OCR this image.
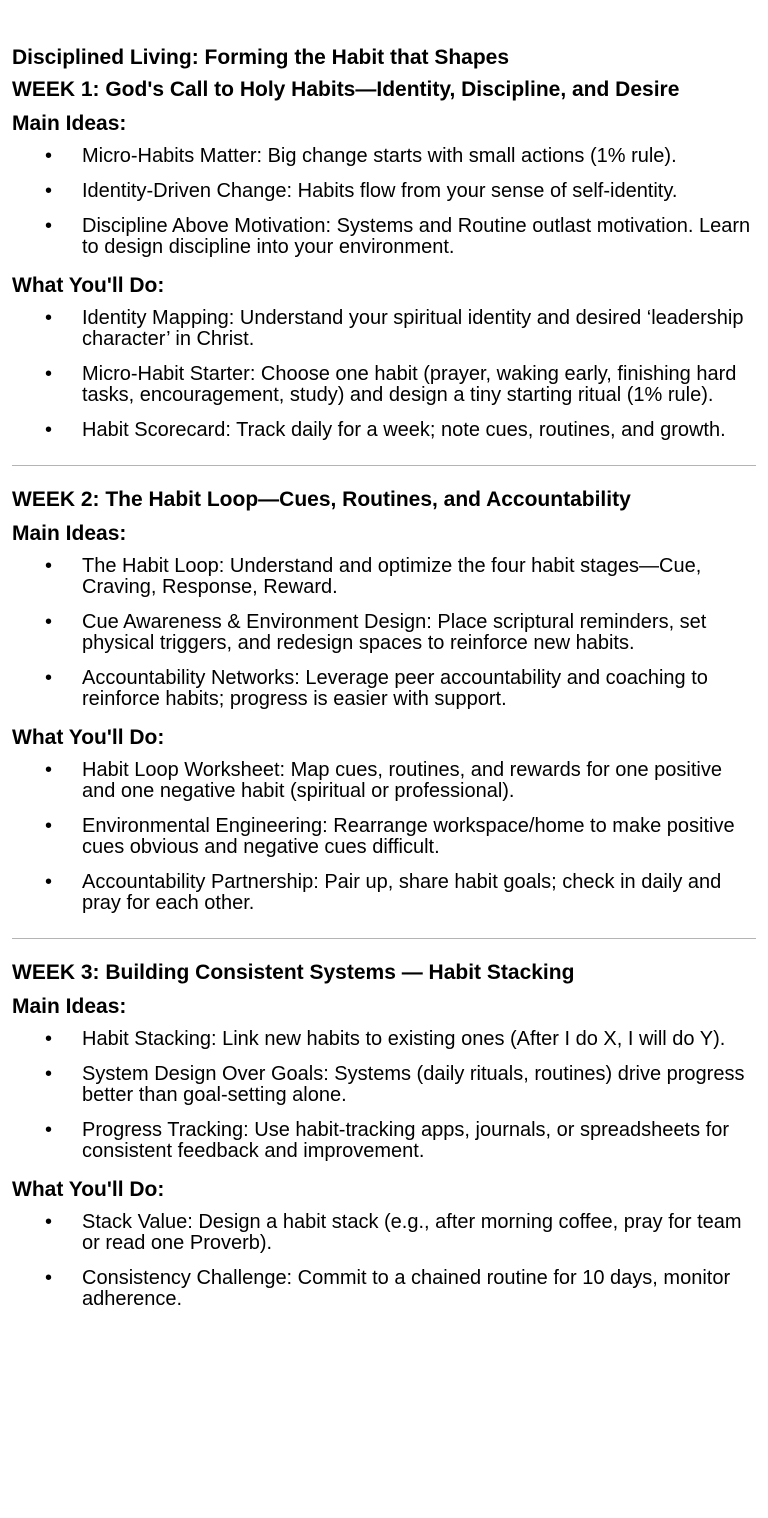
Disciplined Living: Forming the Habit that Shapes
WEEK 1: God's Call to Holy Habits—Identity, Discipline, and Desire
Main Ideas:
• Micro-Habits Matter: Big change starts with small actions (1% rule).
• Identity-Driven Change: Habits flow from your sense of self-identity.
• Discipline Above Motivation: Systems and Routine outlast motivation. Learn to design discipline into your environment.
What You'll Do:
• Identity Mapping: Understand your spiritual identity and desired ‘leadership character’ in Christ.
• Micro-Habit Starter: Choose one habit (prayer, waking early, finishing hard tasks, encouragement, study) and design a tiny starting ritual (1% rule).
• Habit Scorecard: Track daily for a week; note cues, routines, and growth.
WEEK 2: The Habit Loop—Cues, Routines, and Accountability
Main Ideas:
• The Habit Loop: Understand and optimize the four habit stages—Cue, Craving, Response, Reward.
• Cue Awareness & Environment Design: Place scriptural reminders, set physical triggers, and redesign spaces to reinforce new habits.
• Accountability Networks: Leverage peer accountability and coaching to reinforce habits; progress is easier with support.
What You'll Do:
• Habit Loop Worksheet: Map cues, routines, and rewards for one positive and one negative habit (spiritual or professional).
• Environmental Engineering: Rearrange workspace/home to make positive cues obvious and negative cues difficult.
• Accountability Partnership: Pair up, share habit goals; check in daily and pray for each other.
WEEK 3: Building Consistent Systems — Habit Stacking
Main Ideas:
• Habit Stacking: Link new habits to existing ones (After I do X, I will do Y).
• System Design Over Goals: Systems (daily rituals, routines) drive progress better than goal-setting alone.
• Progress Tracking: Use habit-tracking apps, journals, or spreadsheets for consistent feedback and improvement.
What You'll Do:
• Stack Value: Design a habit stack (e.g., after morning coffee, pray for team or read one Proverb).
• Consistency Challenge: Commit to a chained routine for 10 days, monitor adherence.
